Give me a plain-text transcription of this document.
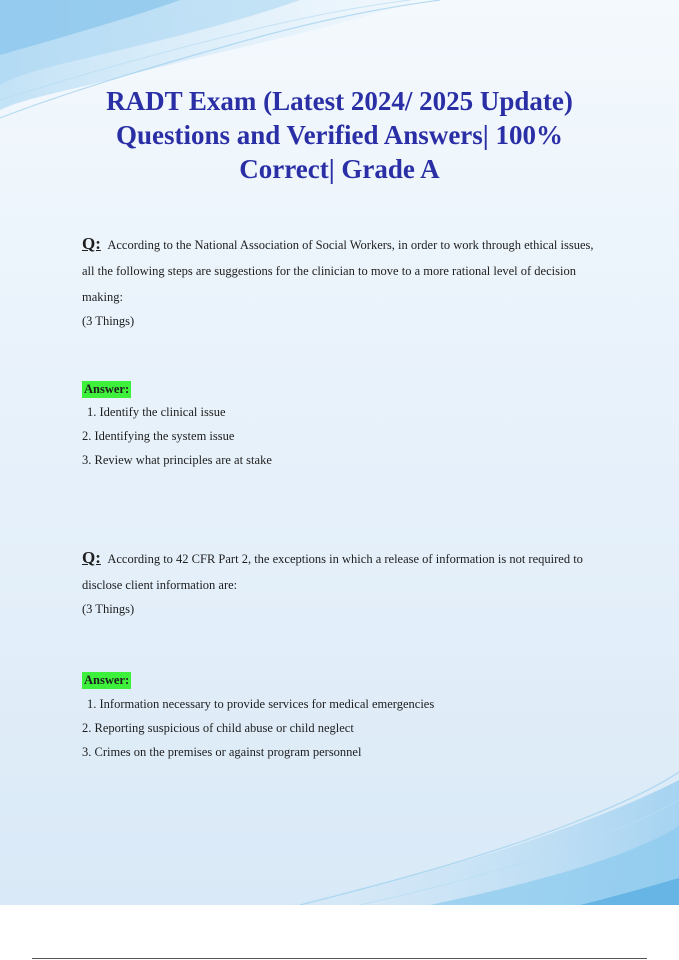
RADT Exam (Latest 2024/ 2025 Update)
Questions and Verified Answers| 100%
Correct| Grade A

Q: According to the National Association of Social Workers, in order to work through ethical issues, all the following steps are suggestions for the clinician to move to a more rational level of decision making:

(3 Things)
Answer:
1. Identify the clinical issue
2. Identifying the system issue
3. Review what principles are at stake

Q: According to 42 CFR Part 2, the exceptions in which a release of information is not required to disclose client information are:

(3 Things)
Answer:
1. Information necessary to provide services for medical emergencies
2. Reporting suspicious of child abuse or child neglect
3. Crimes on the premises or against program personnel
